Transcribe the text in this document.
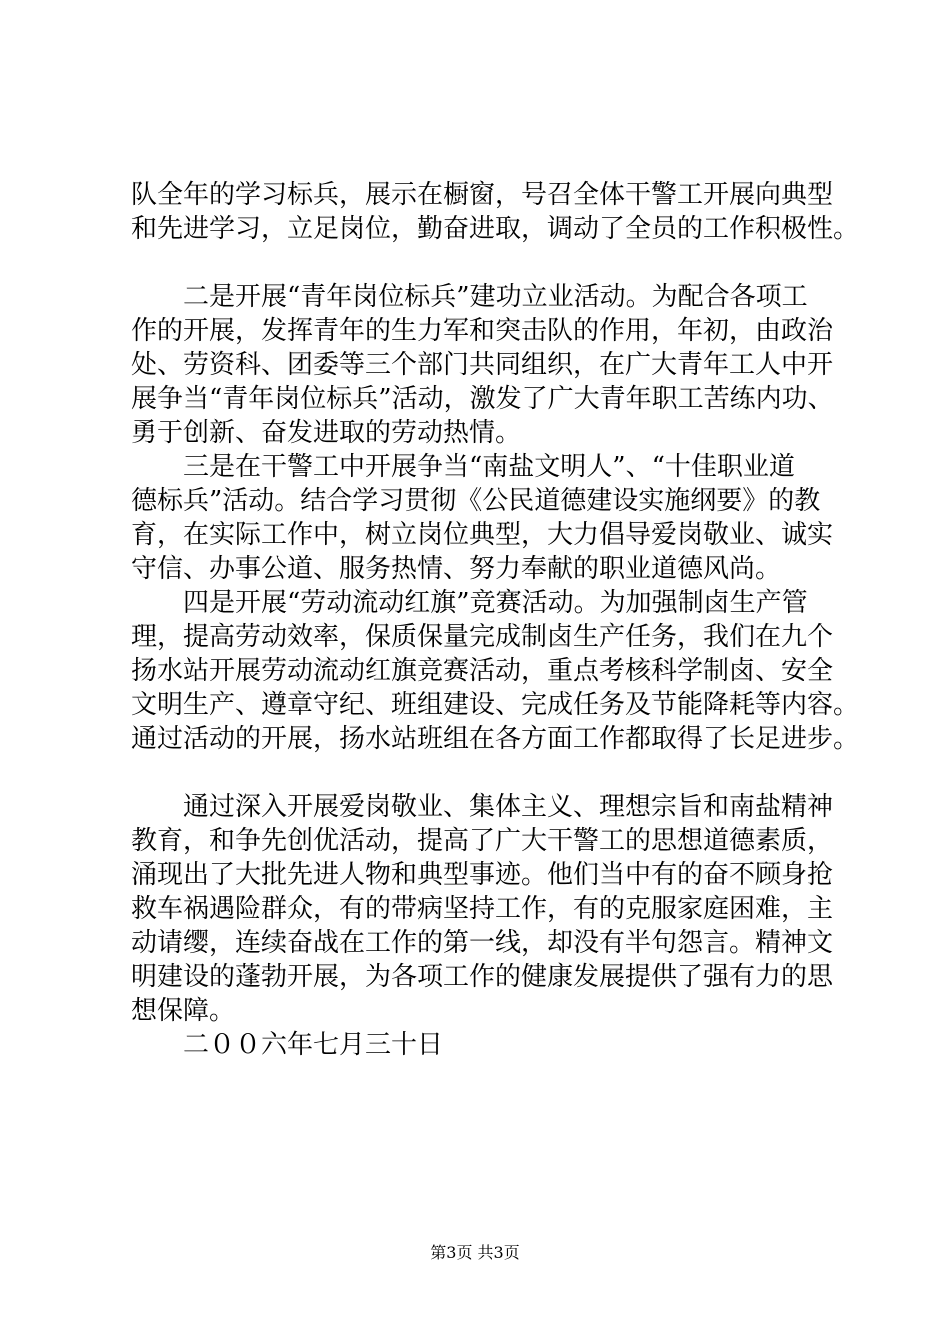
队全年的学习标兵，展示在橱窗，号召全体干警工开展向典型
和先进学习，立足岗位，勤奋进取，调动了全员的工作积极性。
二是开展“青年岗位标兵”建功立业活动。为配合各项工
作的开展，发挥青年的生力军和突击队的作用，年初，由政治
处、劳资科、团委等三个部门共同组织，在广大青年工人中开
展争当“青年岗位标兵”活动，激发了广大青年职工苦练内功、
勇于创新、奋发进取的劳动热情。
三是在干警工中开展争当“南盐文明人”、“十佳职业道
德标兵”活动。结合学习贯彻《公民道德建设实施纲要》的教
育，在实际工作中，树立岗位典型，大力倡导爱岗敬业、诚实
守信、办事公道、服务热情、努力奉献的职业道德风尚。
四是开展“劳动流动红旗”竞赛活动。为加强制卤生产管
理，提高劳动效率，保质保量完成制卤生产任务，我们在九个
扬水站开展劳动流动红旗竞赛活动，重点考核科学制卤、安全
文明生产、遵章守纪、班组建设、完成任务及节能降耗等内容。
通过活动的开展，扬水站班组在各方面工作都取得了长足进步。
通过深入开展爱岗敬业、集体主义、理想宗旨和南盐精神
教育，和争先创优活动，提高了广大干警工的思想道德素质，
涌现出了大批先进人物和典型事迹。他们当中有的奋不顾身抢
救车祸遇险群众，有的带病坚持工作，有的克服家庭困难，主
动请缨，连续奋战在工作的第一线，却没有半句怨言。精神文
明建设的蓬勃开展，为各项工作的健康发展提供了强有力的思
想保障。
二００六年七月三十日
第3页 共3页
